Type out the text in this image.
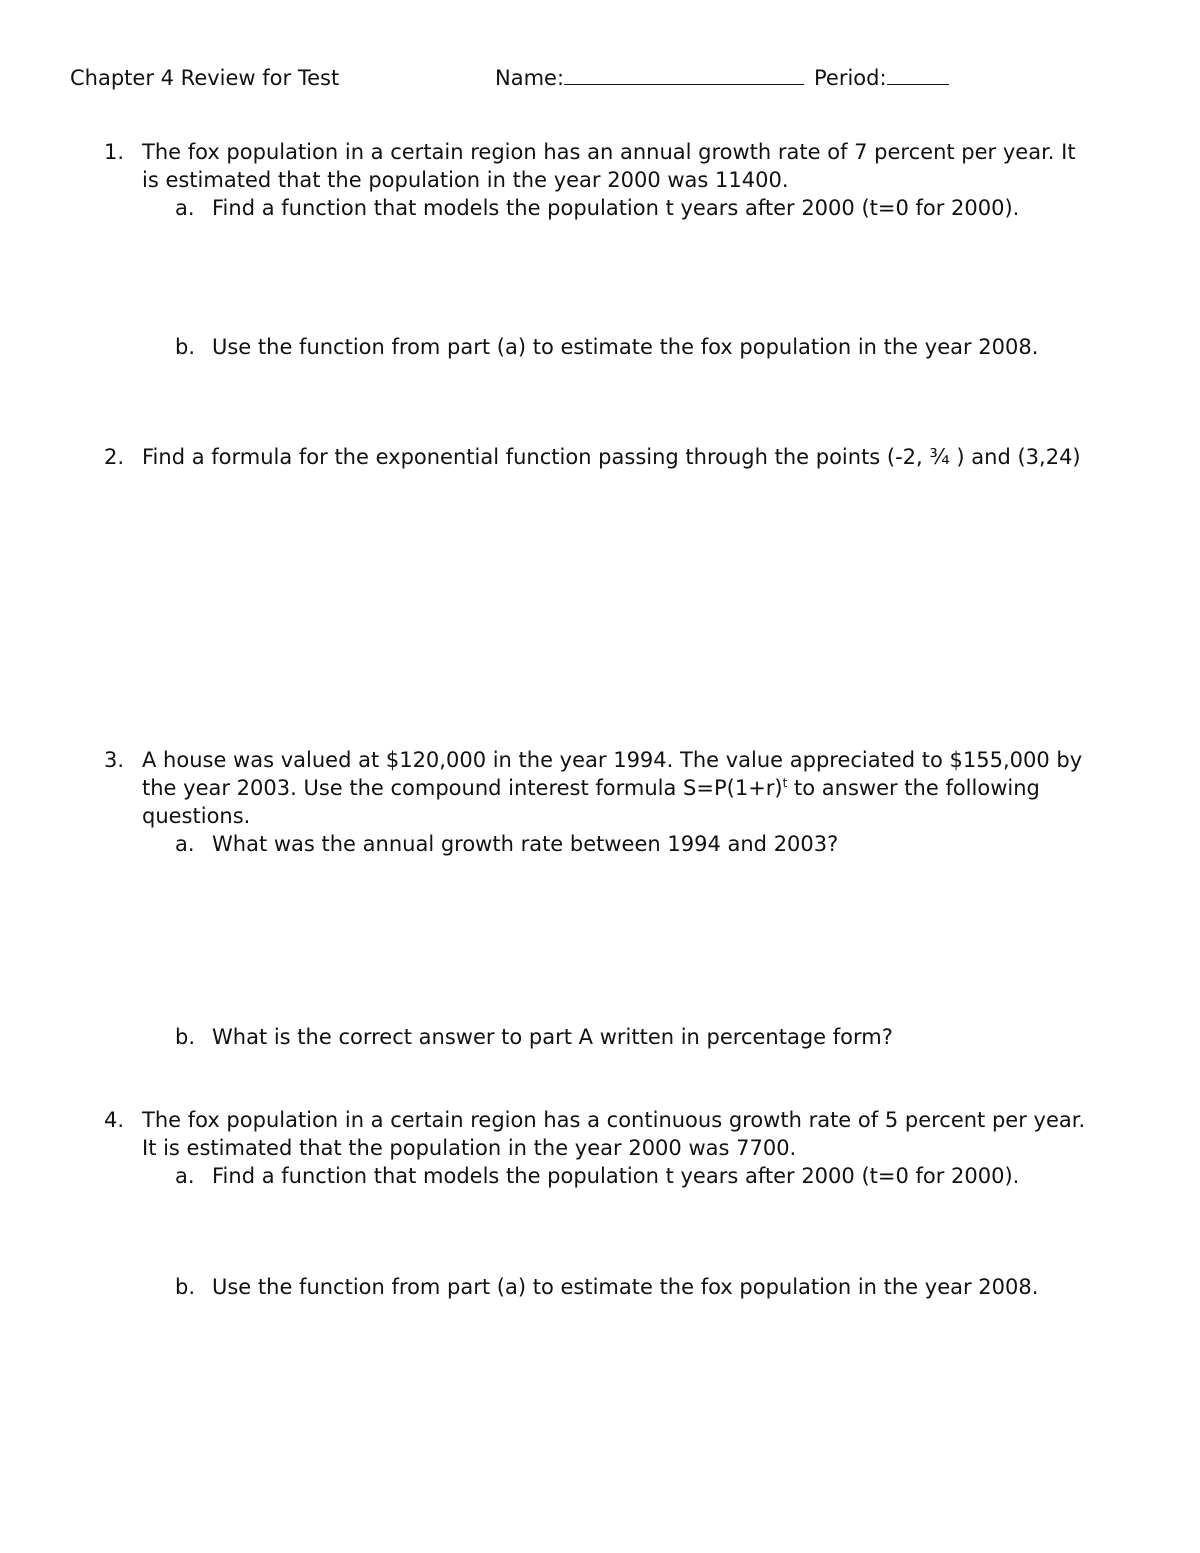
Chapter 4 Review for Test	Name:	Period:
1. The fox population in a certain region has an annual growth rate of 7 percent per year. It is estimated that the population in the year 2000 was 11400.
a. Find a function that models the population t years after 2000 (t=0 for 2000).
b. Use the function from part (a) to estimate the fox population in the year 2008.
2. Find a formula for the exponential function passing through the points (-2, ¾ ) and (3,24)
3. A house was valued at $120,000 in the year 1994. The value appreciated to $155,000 by the year 2003. Use the compound interest formula $S=P(1+r)^t$ to answer the following questions.
a. What was the annual growth rate between 1994 and 2003?
b. What is the correct answer to part A written in percentage form?
4. The fox population in a certain region has a continuous growth rate of 5 percent per year. It is estimated that the population in the year 2000 was 7700.
a. Find a function that models the population t years after 2000 (t=0 for 2000).
b. Use the function from part (a) to estimate the fox population in the year 2008.
